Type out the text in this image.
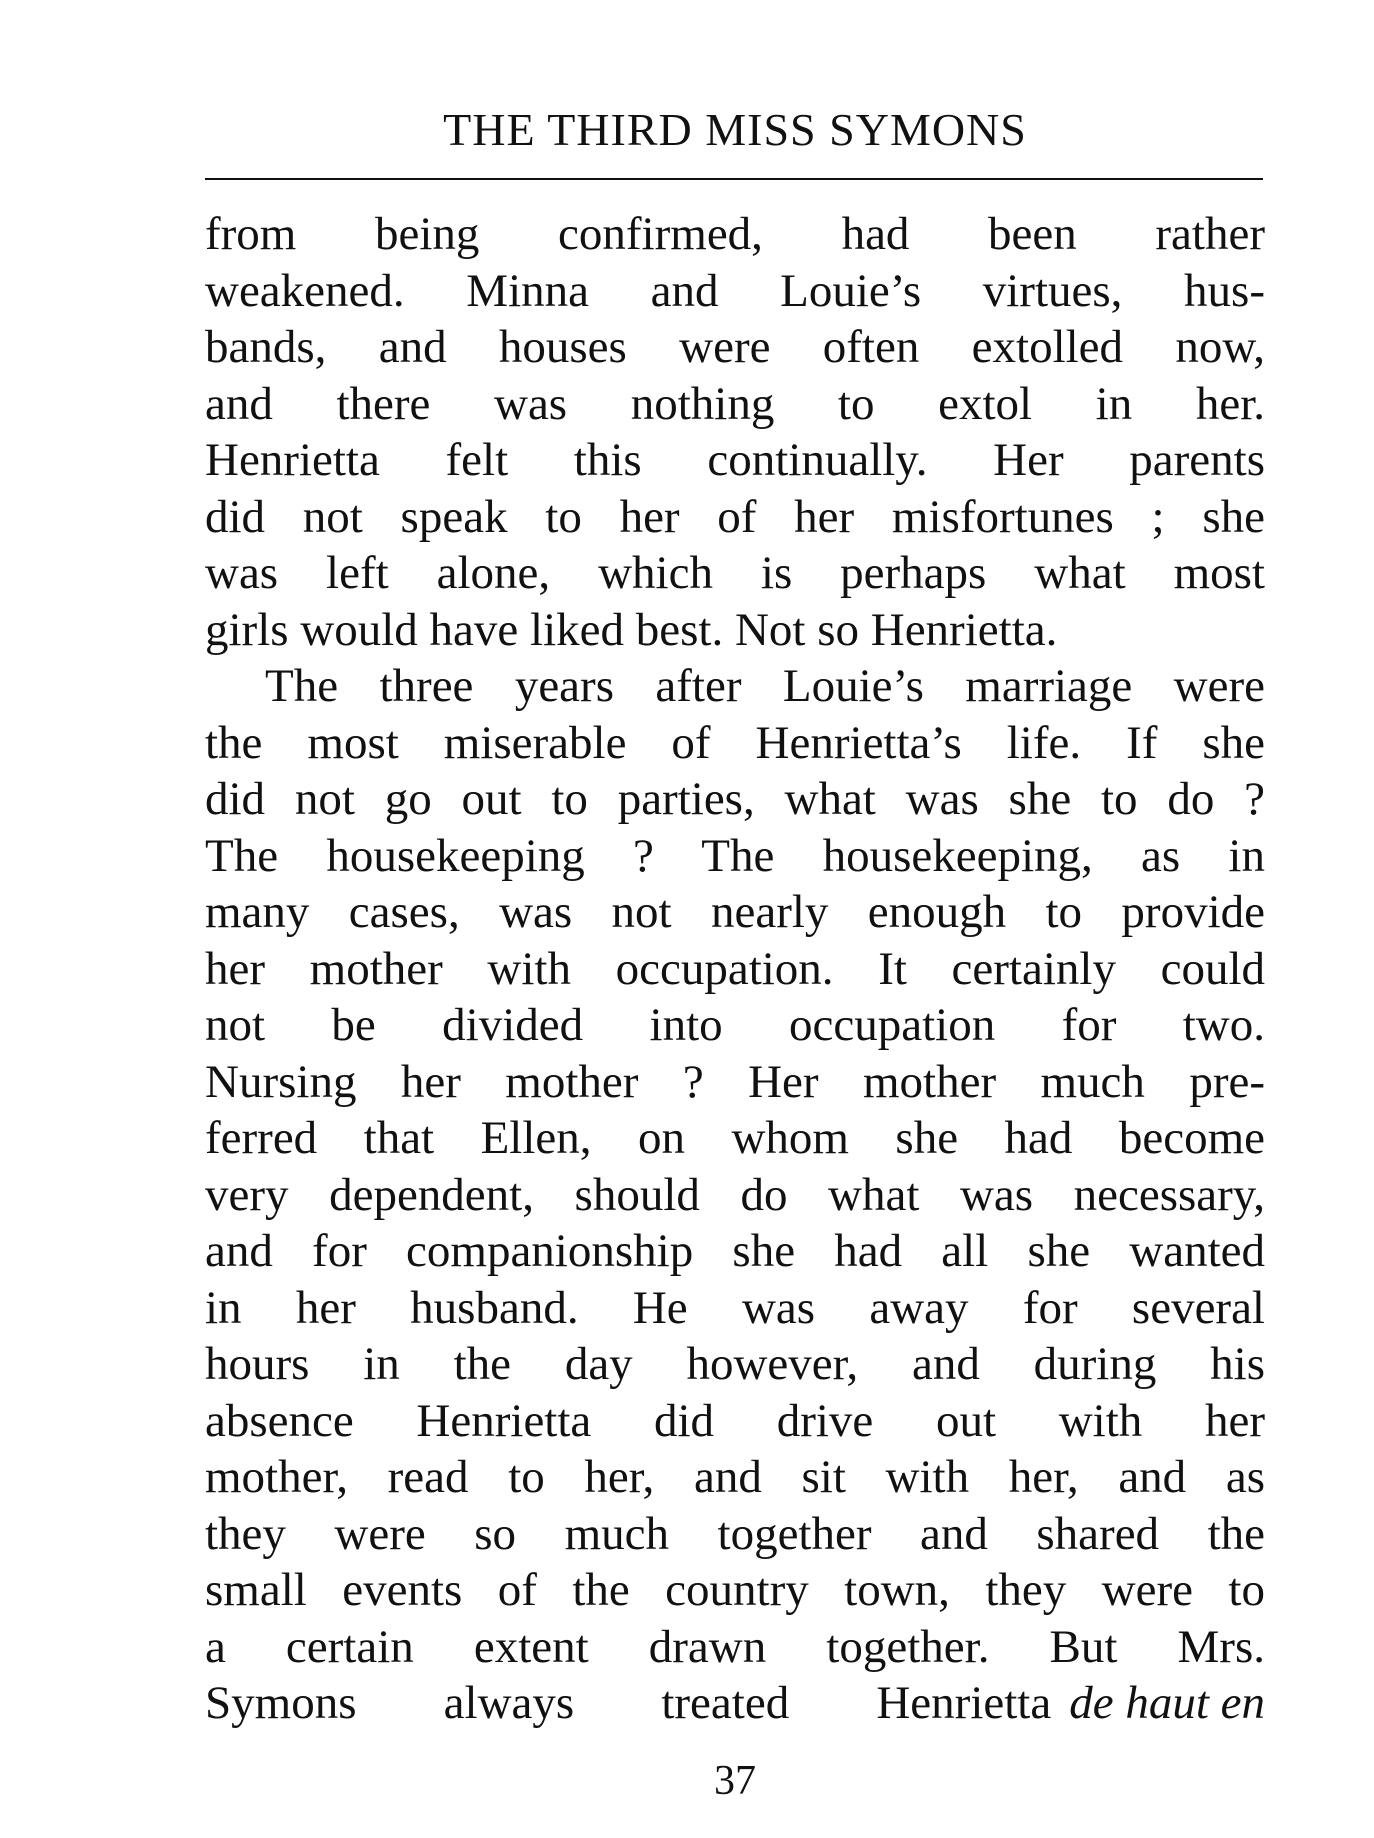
THE THIRD MISS SYMONS
from being confirmed, had been rather
weakened. Minna and Louie’s virtues, hus-
bands, and houses were often extolled now,
and there was nothing to extol in her.
Henrietta felt this continually. Her parents
did not speak to her of her misfortunes ; she
was left alone, which is perhaps what most
girls would have liked best. Not so Henrietta.
The three years after Louie’s marriage were
the most miserable of Henrietta’s life. If she
did not go out to parties, what was she to do ?
The housekeeping ? The housekeeping, as in
many cases, was not nearly enough to provide
her mother with occupation. It certainly could
not be divided into occupation for two.
Nursing her mother ? Her mother much pre-
ferred that Ellen, on whom she had become
very dependent, should do what was necessary,
and for companionship she had all she wanted
in her husband. He was away for several
hours in the day however, and during his
absence Henrietta did drive out with her
mother, read to her, and sit with her, and as
they were so much together and shared the
small events of the country town, they were to
a certain extent drawn together. But Mrs.
Symons always treated Henrietta de haut en
37
